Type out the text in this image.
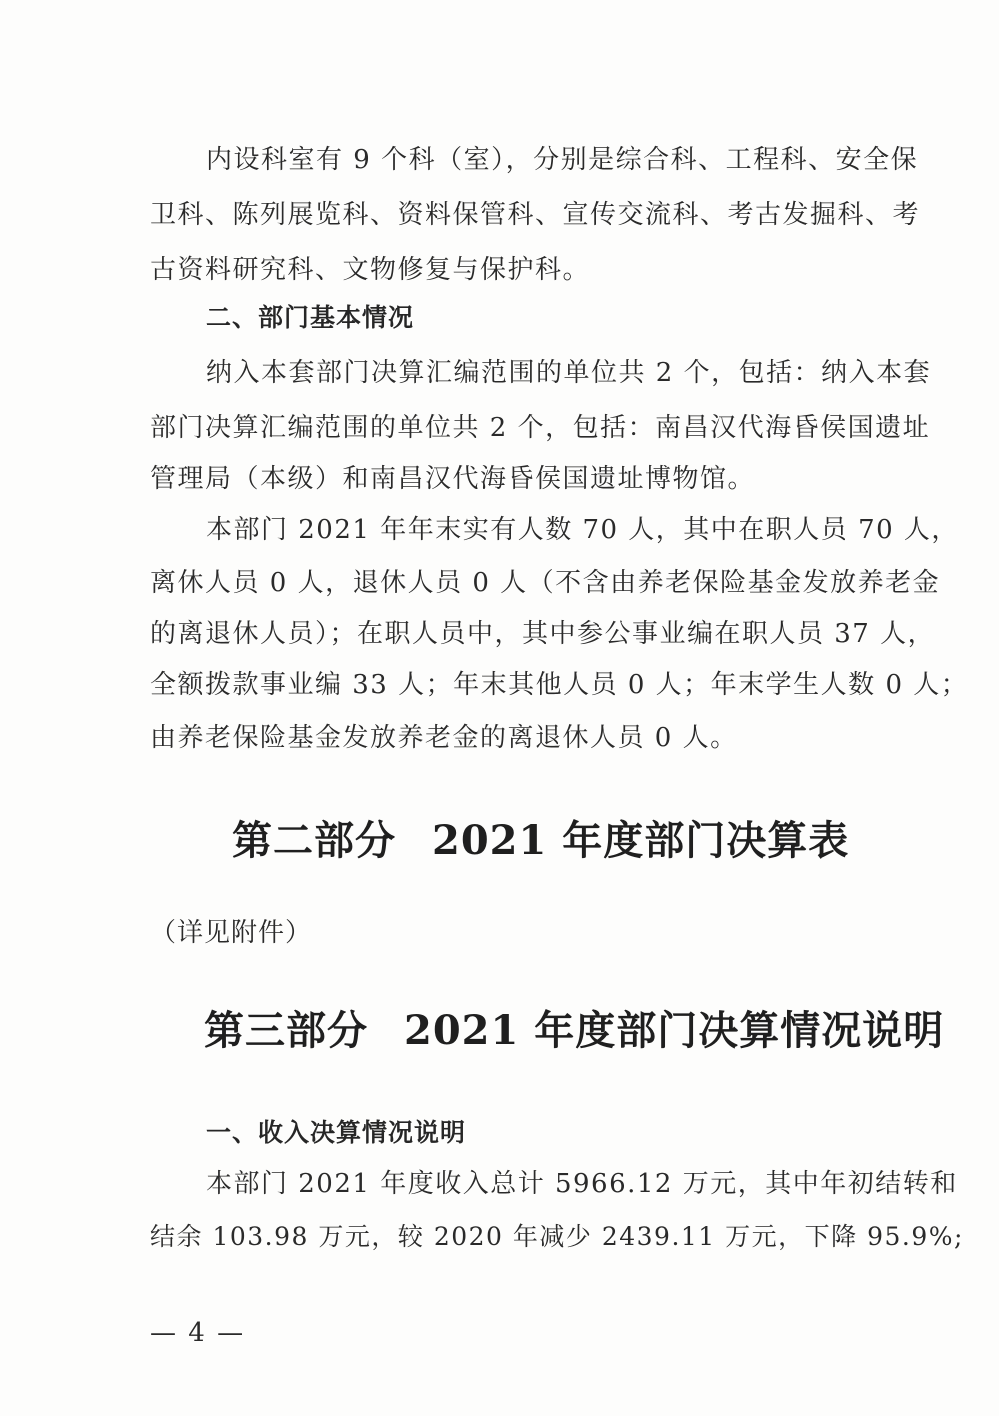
内设科室有 9 个科（室），分别是综合科、工程科、安全保
卫科、陈列展览科、资料保管科、宣传交流科、考古发掘科、考
古资料研究科、文物修复与保护科。
二、部门基本情况
纳入本套部门决算汇编范围的单位共 2 个，包括：纳入本套
部门决算汇编范围的单位共 2 个，包括：南昌汉代海昏侯国遗址
管理局（本级）和南昌汉代海昏侯国遗址博物馆。
本部门 2021 年年末实有人数 70 人，其中在职人员 70 人，
离休人员 0 人，退休人员 0 人（不含由养老保险基金发放养老金
的离退休人员）；在职人员中，其中参公事业编在职人员 37 人，
全额拨款事业编 33 人；年末其他人员 0 人；年末学生人数 0 人；
由养老保险基金发放养老金的离退休人员 0 人。
第二部分 2021 年度部门决算表
（详见附件）
第三部分 2021 年度部门决算情况说明
一、收入决算情况说明
本部门 2021 年度收入总计 5966.12 万元，其中年初结转和
结余 103.98 万元，较 2020 年减少 2439.11 万元，下降 95.9%;
— 4 —
